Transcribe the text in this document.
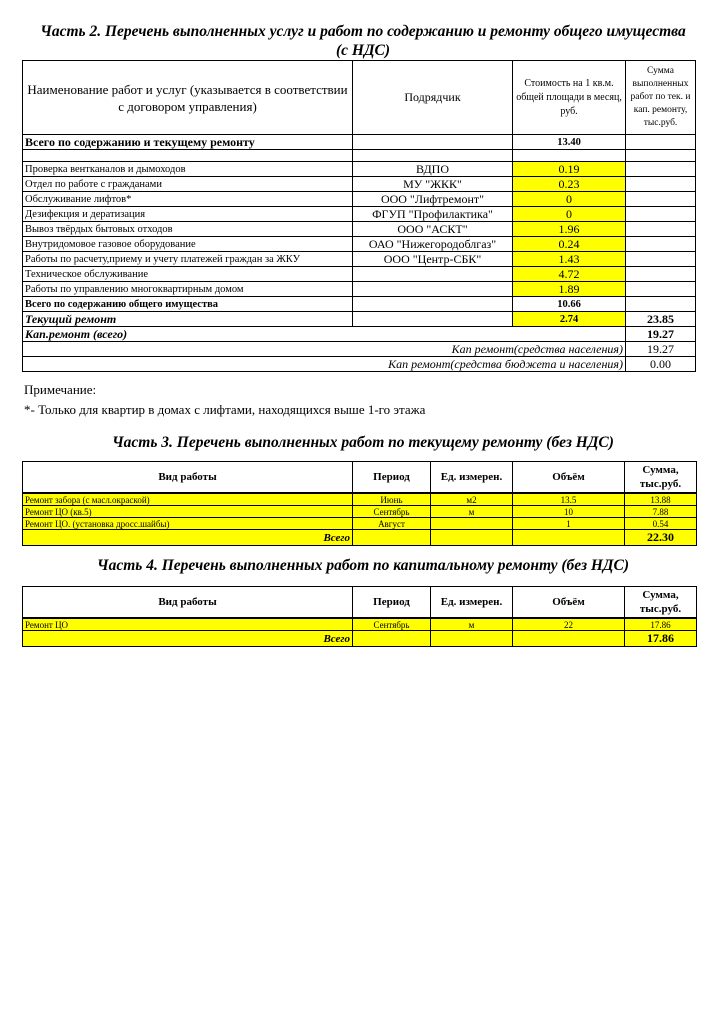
Часть 2. Перечень выполненных услуг и работ по содержанию и ремонту общего имущества
(с НДС)
Наименование работ и услуг (указывается в соответствии с договором управления)	Подрядчик	Стоимость на 1 кв.м. общей площади в месяц, руб.	Сумма выполненных работ по тек. и кап. ремонту, тыс.руб.
Всего по содержанию и текущему ремонту		13.40	

Проверка вентканалов и дымоходов	ВДПО	0.19	
Отдел по работе с гражданами	МУ "ЖКК"	0.23	
Обслуживание лифтов*	ООО "Лифтремонт"	0	
Дезифекция и дератизация	ФГУП "Профилактика"	0	
Вывоз твёрдых бытовых отходов	ООО "АСКТ"	1.96	
Внутридомовое газовое оборудование	ОАО "Нижегородоблгаз"	0.24	
Работы по расчету,приему и учету платежей граждан за ЖКУ	ООО "Центр-СБК"	1.43	
Техническое обслуживание		4.72	
Работы по управлению многоквартирным домом		1.89	
Всего по содержанию общего имущества		10.66	
Текущий ремонт		2.74	23.85
Кап.ремонт (всего)			19.27
Кап ремонт(средства населения)			19.27
Кап ремонт(средства бюджета и населения)			0.00
Примечание:
*- Только для квартир в домах с лифтами, находящихся выше 1-го этажа
Часть 3. Перечень выполненных работ по текущему ремонту (без НДС)
Вид работы	Период	Ед. измерен.	Объём	Сумма, тыс.руб.
Ремонт забора (с масл.окраской)	Июнь	м2	13.5	13.88
Ремонт ЦО (кв.5)	Сентябрь	м	10	7.88
Ремонт ЦО. (установка дросс.шайбы)	Август		1	0.54
Всего				22.30
Часть 4. Перечень выполненных работ по капитальному ремонту (без НДС)
Вид работы	Период	Ед. измерен.	Объём	Сумма, тыс.руб.
Ремонт ЦО	Сентябрь	м	22	17.86
Всего				17.86
